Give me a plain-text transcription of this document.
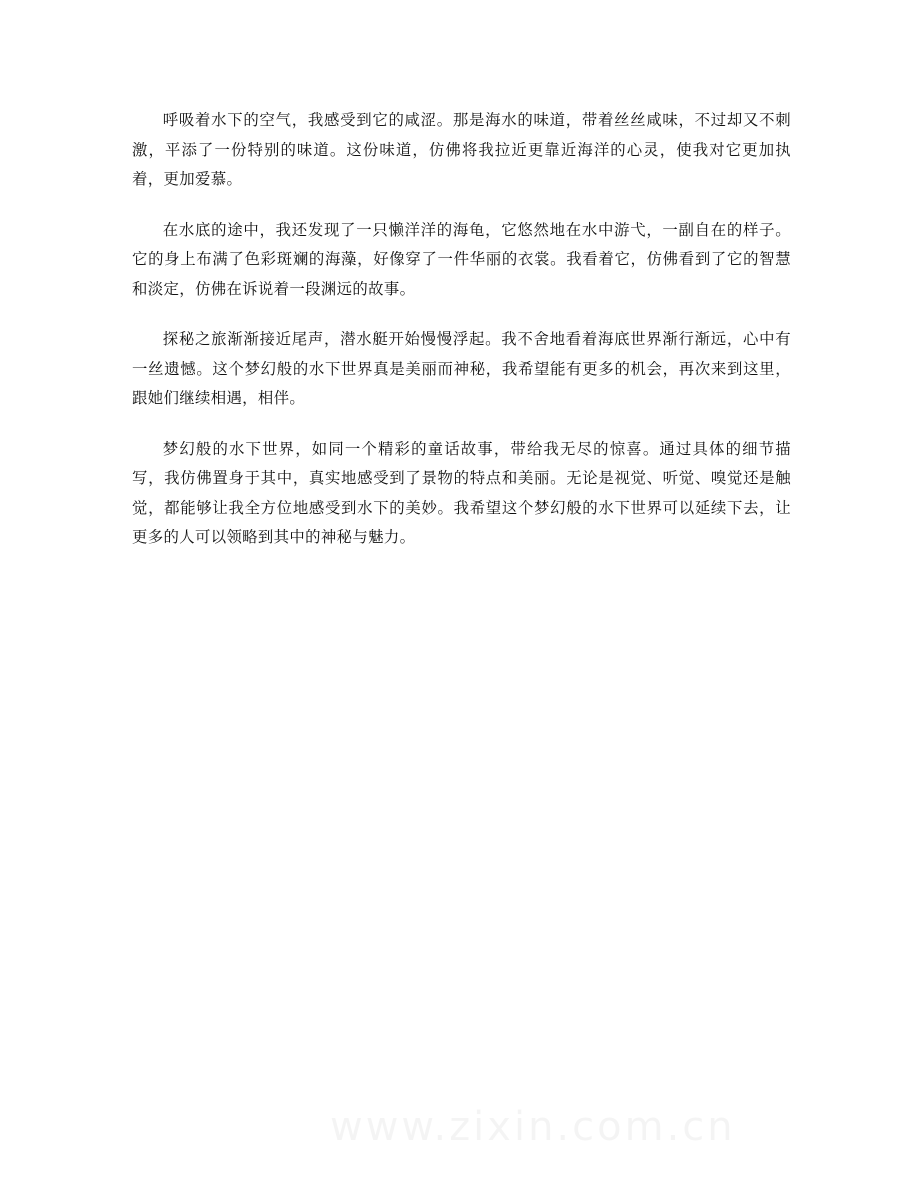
呼吸着水下的空气，我感受到它的咸涩。那是海水的味道，带着丝丝咸味，不过却又不刺激，平添了一份特别的味道。这份味道，仿佛将我拉近更靠近海洋的心灵，使我对它更加执着，更加爱慕。

在水底的途中，我还发现了一只懒洋洋的海龟，它悠然地在水中游弋，一副自在的样子。它的身上布满了色彩斑斓的海藻，好像穿了一件华丽的衣裳。我看着它，仿佛看到了它的智慧和淡定，仿佛在诉说着一段渊远的故事。

探秘之旅渐渐接近尾声，潜水艇开始慢慢浮起。我不舍地看着海底世界渐行渐远，心中有一丝遗憾。这个梦幻般的水下世界真是美丽而神秘，我希望能有更多的机会，再次来到这里，跟她们继续相遇，相伴。

梦幻般的水下世界，如同一个精彩的童话故事，带给我无尽的惊喜。通过具体的细节描写，我仿佛置身于其中，真实地感受到了景物的特点和美丽。无论是视觉、听觉、嗅觉还是触觉，都能够让我全方位地感受到水下的美妙。我希望这个梦幻般的水下世界可以延续下去，让更多的人可以领略到其中的神秘与魅力。
